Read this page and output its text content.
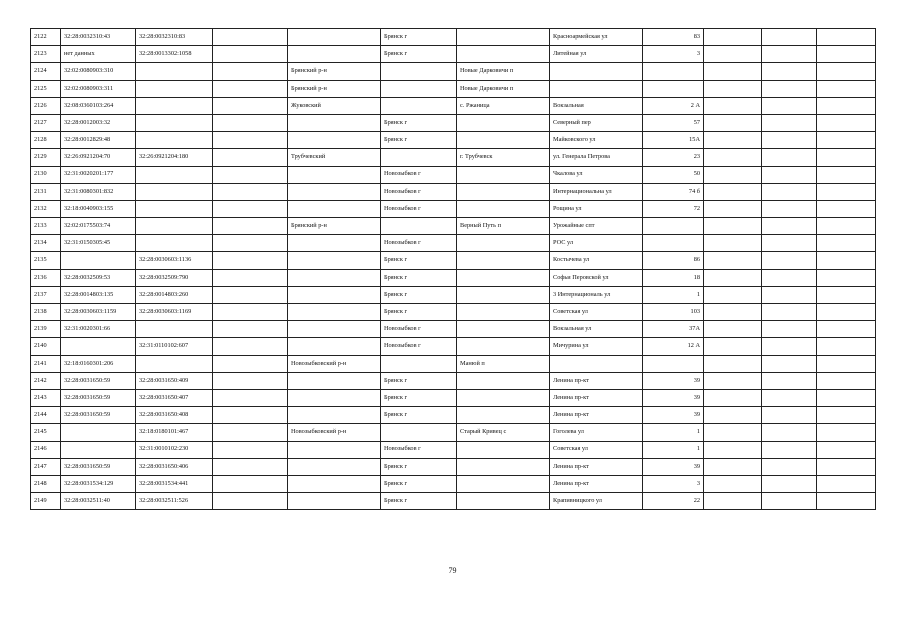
2122	32:28:0032310:43	32:28:0032310:83			Брянск г		Красноармейская ул	83			
2123	нет данных	32:28:0013302:1058			Брянск г		Литейная ул	3			
2124	32:02:0080903:310			Брянский р-н		Новые Дарковичи п					
2125	32:02:0080903:311			Брянский р-н		Новые Дарковичи п					
2126	32:08:0360103:264			Жуковский		с. Ржаница	Вокзальная	2 А			
2127	32:28:0012003:32				Брянск г		Северный пер	57			
2128	32:28:0012829:48				Брянск г		Майковского ул	15А			
2129	32:26:0921204:70	32:26:0921204:180		Трубчевский		г. Трубчевск	ул. Генерала Петрова	23			
2130	32:31:0020201:177				Новозыбков г		Чкалова ул	50			
2131	32:31:0080301:832				Новозыбков г		Интернациональна ул	74 б			
2132	32:18:0040903:155				Новозыбков г		Рощина ул	72			
2133	32:02:0175503:74			Брянский р-н		Верный Путь п	Урожайные спт				
2134	32:31:0150305:45				Новозыбков г		РОС ул				
2135		32:28:0030603:1136			Брянск г		Костычева ул	86			
2136	32:28:0032509:53	32:28:0032509:790			Брянск г		Софьи Перовской ул	18			
2137	32:28:0014803:135	32:28:0014803:260			Брянск г		3 Интернациональ ул	1			
2138	32:28:0030603:1159	32:28:0030603:1169			Брянск г		Советская ул	103			
2139	32:31:0020301:66				Новозыбков г		Вокзальная ул	37А			
2140		32:31:0110102:607			Новозыбков г		Мичурина ул	12 А			
2141	32:18:0160301:206			Новозыбковский р-н		Манюй п					
2142	32:28:0031650:59	32:28:0031650:409			Брянск г		Ленина пр-кт	39			
2143	32:28:0031650:59	32:28:0031650:407			Брянск г		Ленина пр-кт	39			
2144	32:28:0031650:59	32:28:0031650:408			Брянск г		Ленина пр-кт	39			
2145		32:18:0180101:467		Новозыбковский р-н		Старый Кривец с	Гоголева ул	1			
2146		32:31:0010102:230			Новозыбков г		Советская ул	1			
2147	32:28:0031650:59	32:28:0031650:406			Брянск г		Ленина пр-кт	39			
2148	32:28:0031534:129	32:28:0031534:441			Брянск г		Ленина пр-кт	3			
2149	32:28:0032511:40	32:28:0032511:526			Брянск г		Крапивницкого ул	22			
79
